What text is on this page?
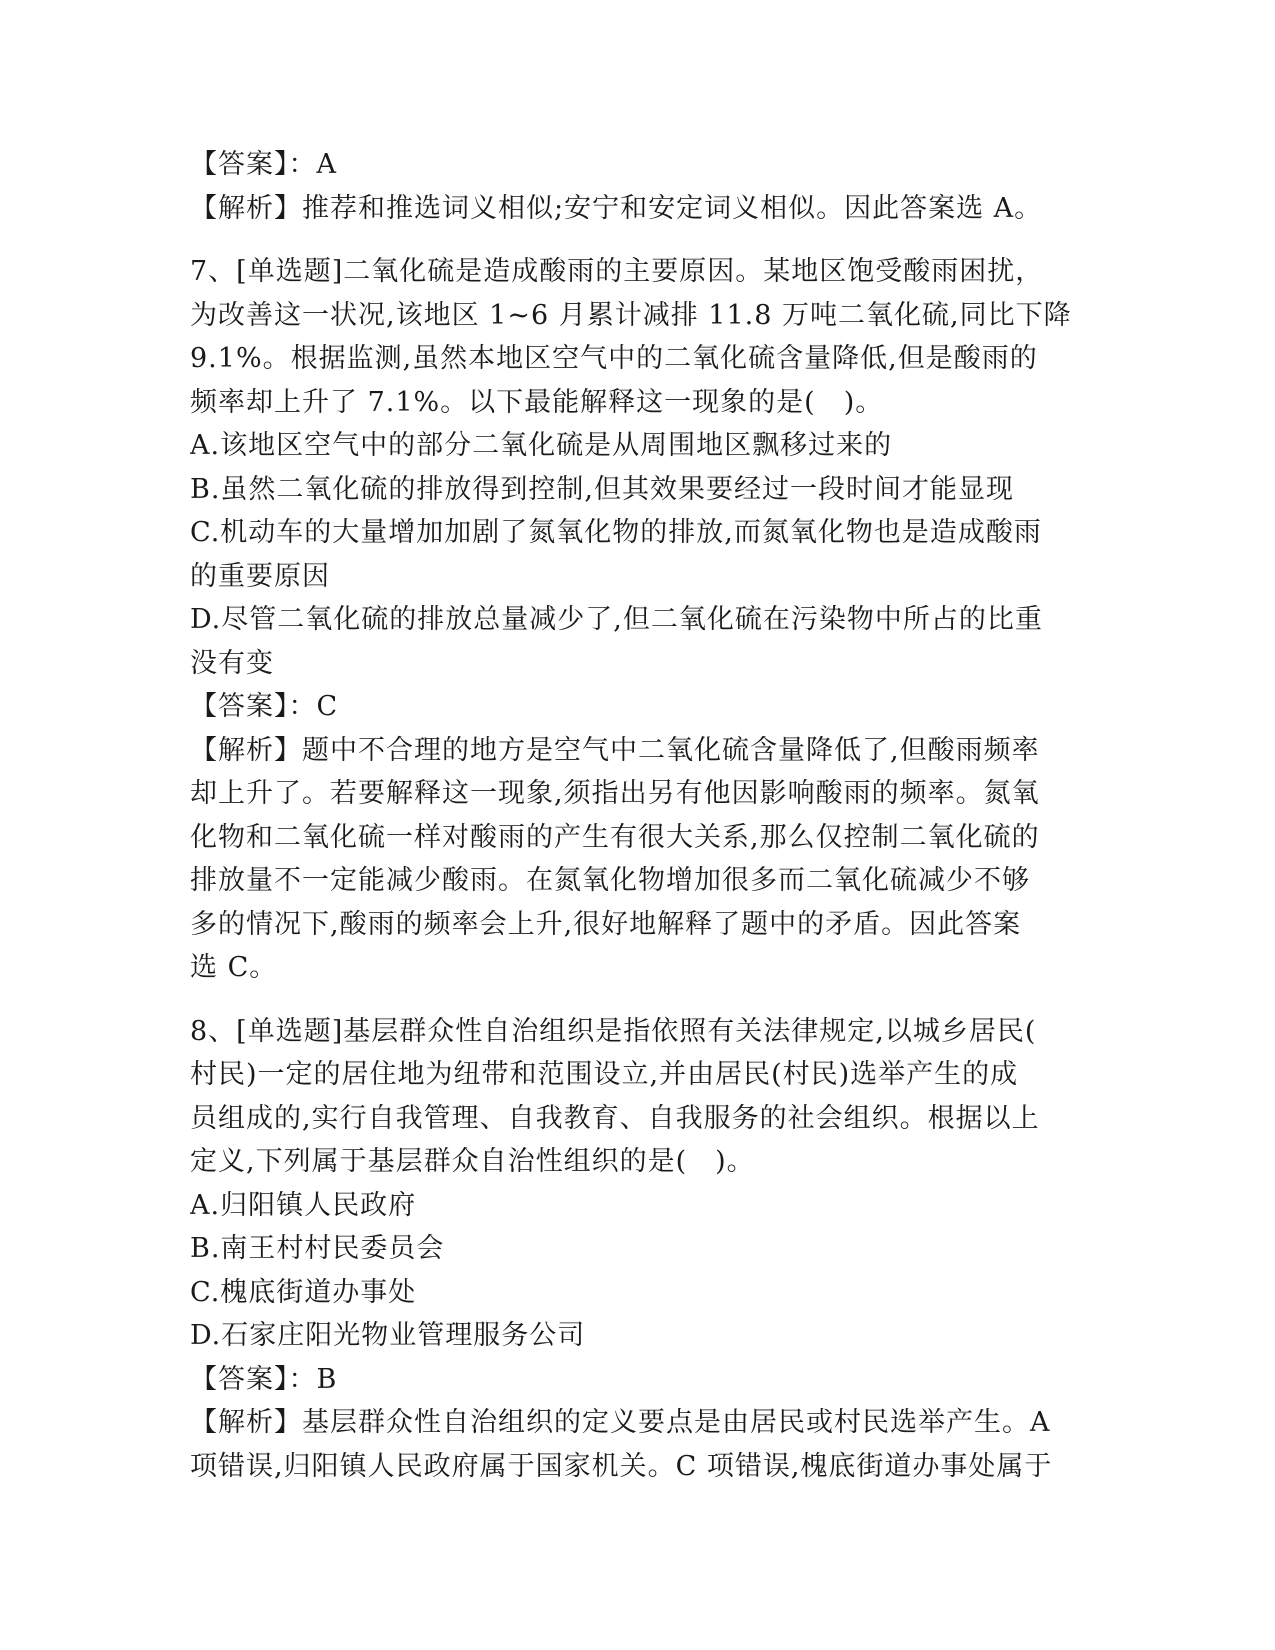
【答案】：A
【解析】推荐和推选词义相似;安宁和安定词义相似。因此答案选 A。
7、[单选题]二氧化硫是造成酸雨的主要原因。某地区饱受酸雨困扰，
为改善这一状况,该地区 1~6 月累计减排 11.8 万吨二氧化硫,同比下降
9.1%。根据监测,虽然本地区空气中的二氧化硫含量降低,但是酸雨的
频率却上升了 7.1%。以下最能解释这一现象的是(　)。
A.该地区空气中的部分二氧化硫是从周围地区飘移过来的
B.虽然二氧化硫的排放得到控制,但其效果要经过一段时间才能显现
C.机动车的大量增加加剧了氮氧化物的排放,而氮氧化物也是造成酸雨
的重要原因
D.尽管二氧化硫的排放总量减少了,但二氧化硫在污染物中所占的比重
没有变
【答案】：C
【解析】题中不合理的地方是空气中二氧化硫含量降低了,但酸雨频率
却上升了。若要解释这一现象,须指出另有他因影响酸雨的频率。氮氧
化物和二氧化硫一样对酸雨的产生有很大关系,那么仅控制二氧化硫的
排放量不一定能减少酸雨。在氮氧化物增加很多而二氧化硫减少不够
多的情况下,酸雨的频率会上升,很好地解释了题中的矛盾。因此答案
选 C。
8、[单选题]基层群众性自治组织是指依照有关法律规定,以城乡居民(
村民)一定的居住地为纽带和范围设立,并由居民(村民)选举产生的成
员组成的,实行自我管理、自我教育、自我服务的社会组织。根据以上
定义,下列属于基层群众自治性组织的是(　)。
A.归阳镇人民政府
B.南王村村民委员会
C.槐底街道办事处
D.石家庄阳光物业管理服务公司
【答案】：B
【解析】基层群众性自治组织的定义要点是由居民或村民选举产生。A
项错误,归阳镇人民政府属于国家机关。C 项错误,槐底街道办事处属于
